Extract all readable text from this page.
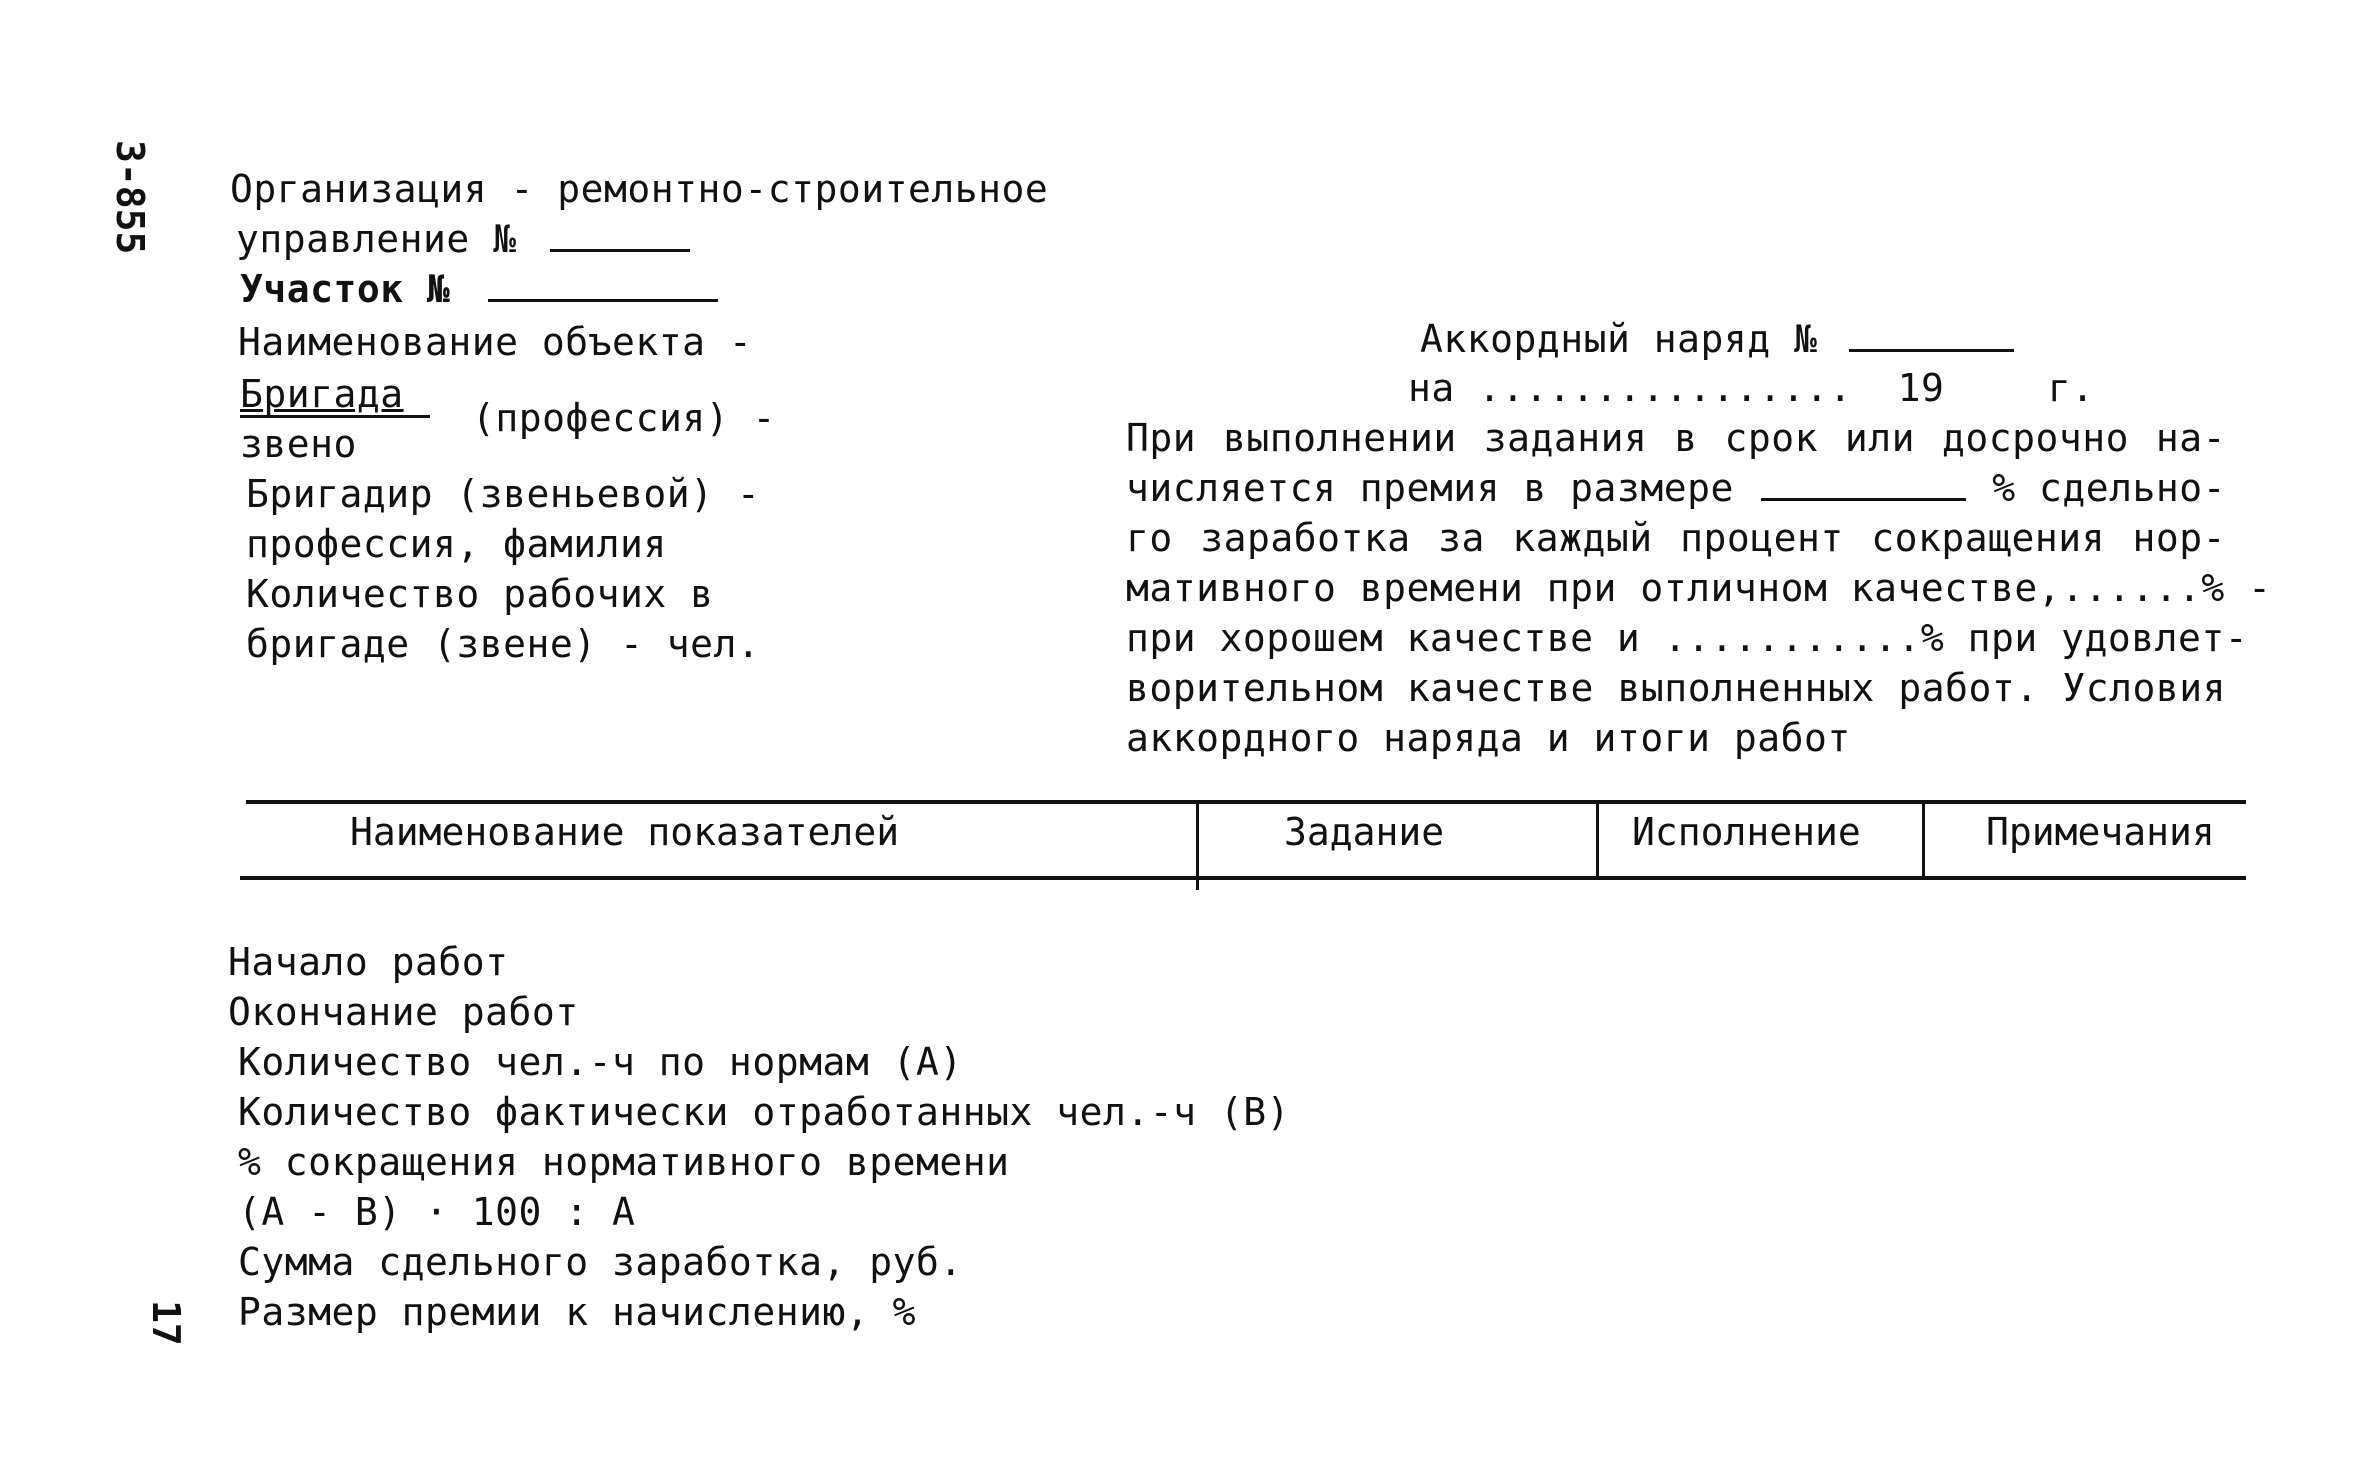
3-855
17
Организация - ремонтно-строительное
управление №
Участок №
Наименование объекта -
Бригада
(профессия) -
звено
Бригадир (звеньевой) -
профессия, фамилия
Количество рабочих в
бригаде (звене) - чел.
Аккордный наряд №
на ................ 19	г.
При выполнении задания в срок или досрочно на-
числяется премия в размере	% сдельно-
го заработка за каждый процент сокращения нор-
мативного времени при отличном качестве,......% -
при хорошем качестве и ...........% при удовлет-
ворительном качестве выполненных работ. Условия
аккордного наряда и итоги работ
Наименование показателей	Задание	Исполнение	Примечания
Начало работ
Окончание работ
Количество чел.-ч по нормам (А)
Количество фактически отработанных чел.-ч (В)
% сокращения нормативного времени
(А - В) · 100 : А
Сумма сдельного заработка, руб.
Размер премии к начислению, %
